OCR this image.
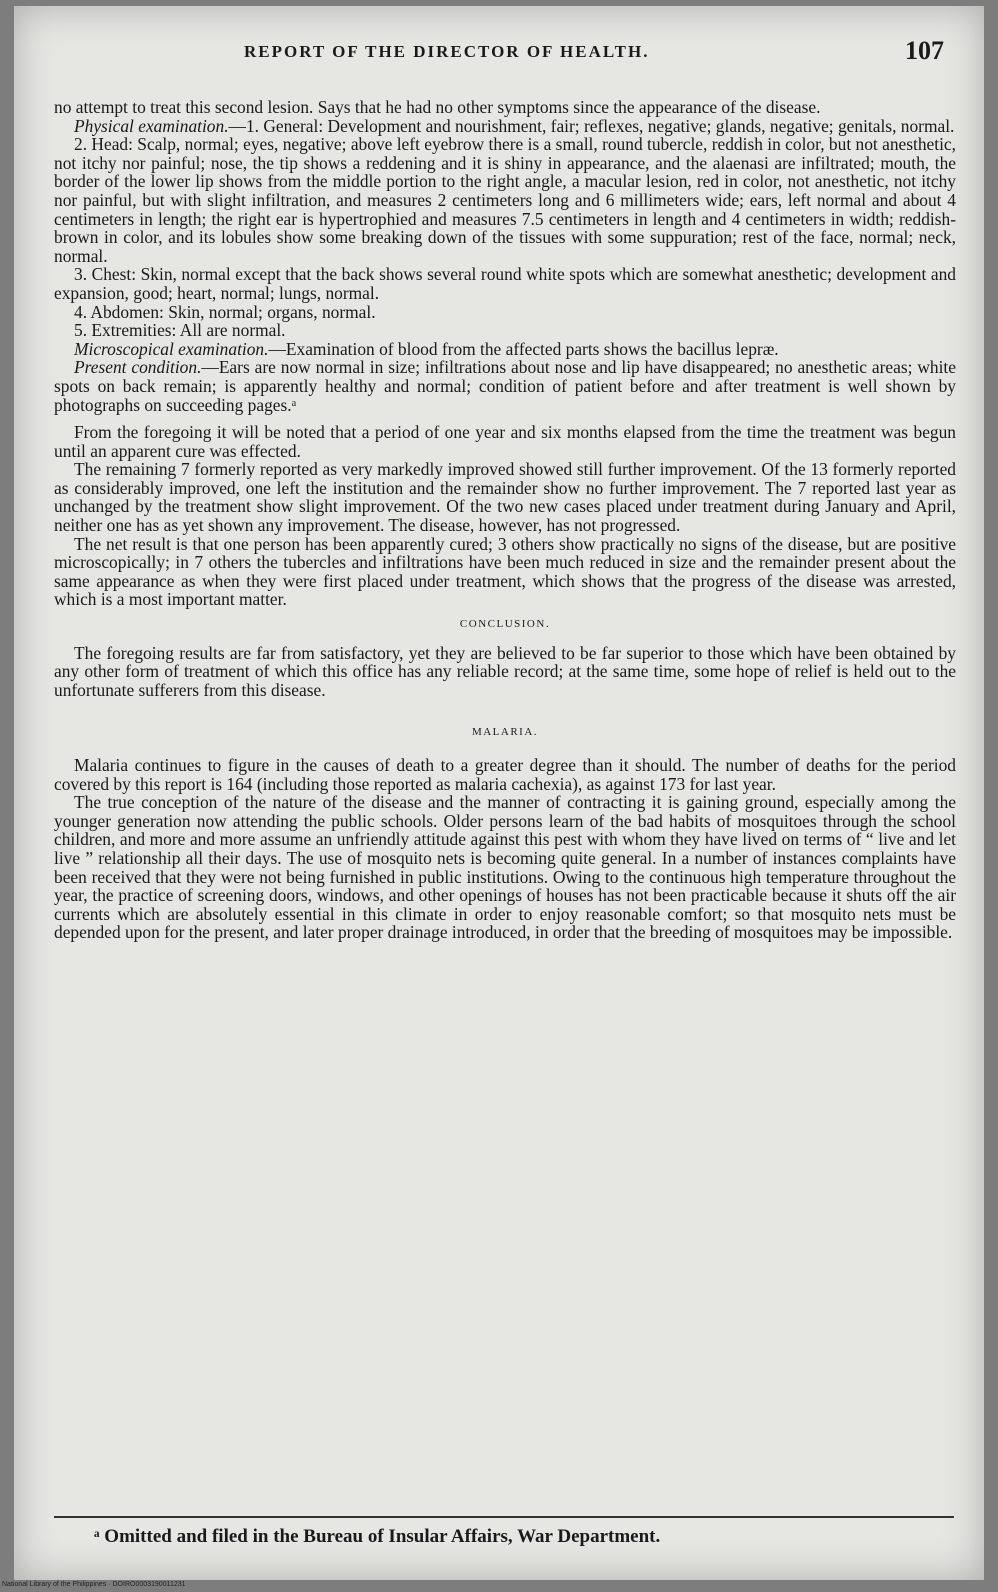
REPORT OF THE DIRECTOR OF HEALTH.	107

no attempt to treat this second lesion. Says that he had no other symptoms since the appearance of the disease.

Physical examination.—1. General: Development and nourishment, fair; reflexes, negative; glands, negative; genitals, normal.

2. Head: Scalp, normal; eyes, negative; above left eyebrow there is a small, round tubercle, reddish in color, but not anesthetic, not itchy nor painful; nose, the tip shows a reddening and it is shiny in appearance, and the alaenasi are infiltrated; mouth, the border of the lower lip shows from the middle portion to the right angle, a macular lesion, red in color, not anesthetic, not itchy nor painful, but with slight infiltration, and measures 2 centimeters long and 6 millimeters wide; ears, left normal and about 4 centimeters in length; the right ear is hypertrophied and measures 7.5 centimeters in length and 4 centimeters in width; reddish-brown in color, and its lobules show some breaking down of the tissues with some suppuration; rest of the face, normal; neck, normal.

3. Chest: Skin, normal except that the back shows several round white spots which are somewhat anesthetic; development and expansion, good; heart, normal; lungs, normal.

4. Abdomen: Skin, normal; organs, normal.

5. Extremities: All are normal.

Microscopical examination.—Examination of blood from the affected parts shows the bacillus lepræ.

Present condition.—Ears are now normal in size; infiltrations about nose and lip have disappeared; no anesthetic areas; white spots on back remain; is apparently healthy and normal; condition of patient before and after treatment is well shown by photographs on succeeding pages.ᵃ

From the foregoing it will be noted that a period of one year and six months elapsed from the time the treatment was begun until an apparent cure was effected.

The remaining 7 formerly reported as very markedly improved showed still further improvement. Of the 13 formerly reported as considerably improved, one left the institution and the remainder show no further improvement. The 7 reported last year as unchanged by the treatment show slight improvement. Of the two new cases placed under treatment during January and April, neither one has as yet shown any improvement. The disease, however, has not progressed.

The net result is that one person has been apparently cured; 3 others show practically no signs of the disease, but are positive microscopically; in 7 others the tubercles and infiltrations have been much reduced in size and the remainder present about the same appearance as when they were first placed under treatment, which shows that the progress of the disease was arrested, which is a most important matter.

CONCLUSION.

The foregoing results are far from satisfactory, yet they are believed to be far superior to those which have been obtained by any other form of treatment of which this office has any reliable record; at the same time, some hope of relief is held out to the unfortunate sufferers from this disease.

MALARIA.

Malaria continues to figure in the causes of death to a greater degree than it should. The number of deaths for the period covered by this report is 164 (including those reported as malaria cachexia), as against 173 for last year.

The true conception of the nature of the disease and the manner of contracting it is gaining ground, especially among the younger generation now attending the public schools. Older persons learn of the bad habits of mosquitoes through the school children, and more and more assume an unfriendly attitude against this pest with whom they have lived on terms of “ live and let live ” relationship all their days. The use of mosquito nets is becoming quite general. In a number of instances complaints have been received that they were not being furnished in public institutions. Owing to the continuous high temperature throughout the year, the practice of screening doors, windows, and other openings of houses has not been practicable because it shuts off the air currents which are absolutely essential in this climate in order to enjoy reasonable comfort; so that mosquito nets must be depended upon for the present, and later proper drainage introduced, in order that the breeding of mosquitoes may be impossible.

ᵃ Omitted and filed in the Bureau of Insular Affairs, War Department.
National Library of the Philippines · DOIRO0003190011231
